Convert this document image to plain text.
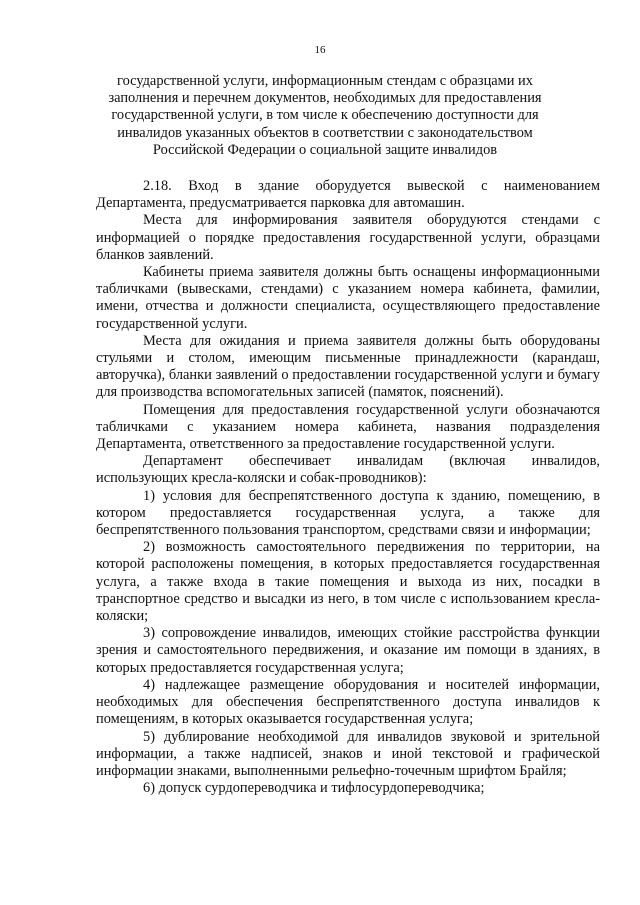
16
государственной услуги, информационным стендам с образцами их заполнения и перечнем документов, необходимых для предоставления государственной услуги, в том числе к обеспечению доступности для инвалидов указанных объектов в соответствии с законодательством Российской Федерации о социальной защите инвалидов

2.18. Вход в здание оборудуется вывеской с наименованием Департамента, предусматривается парковка для автомашин.

Места для информирования заявителя оборудуются стендами с информацией о порядке предоставления государственной услуги, образцами бланков заявлений.

Кабинеты приема заявителя должны быть оснащены информационными табличками (вывесками, стендами) с указанием номера кабинета, фамилии, имени, отчества и должности специалиста, осуществляющего предоставление государственной услуги.

Места для ожидания и приема заявителя должны быть оборудованы стульями и столом, имеющим письменные принадлежности (карандаш, авторучка), бланки заявлений о предоставлении государственной услуги и бумагу для производства вспомогательных записей (памяток, пояснений).

Помещения для предоставления государственной услуги обозначаются табличками с указанием номера кабинета, названия подразделения Департамента, ответственного за предоставление государственной услуги.

Департамент обеспечивает инвалидам (включая инвалидов, использующих кресла-коляски и собак-проводников):

1) условия для беспрепятственного доступа к зданию, помещению, в котором предоставляется государственная услуга, а также для беспрепятственного пользования транспортом, средствами связи и информации;

2) возможность самостоятельного передвижения по территории, на которой расположены помещения, в которых предоставляется государственная услуга, а также входа в такие помещения и выхода из них, посадки в транспортное средство и высадки из него, в том числе с использованием кресла-коляски;

3) сопровождение инвалидов, имеющих стойкие расстройства функции зрения и самостоятельного передвижения, и оказание им помощи в зданиях, в которых предоставляется государственная услуга;

4) надлежащее размещение оборудования и носителей информации, необходимых для обеспечения беспрепятственного доступа инвалидов к помещениям, в которых оказывается государственная услуга;

5) дублирование необходимой для инвалидов звуковой и зрительной информации, а также надписей, знаков и иной текстовой и графической информации знаками, выполненными рельефно-точечным шрифтом Брайля;

6) допуск сурдопереводчика и тифлосурдопереводчика;
